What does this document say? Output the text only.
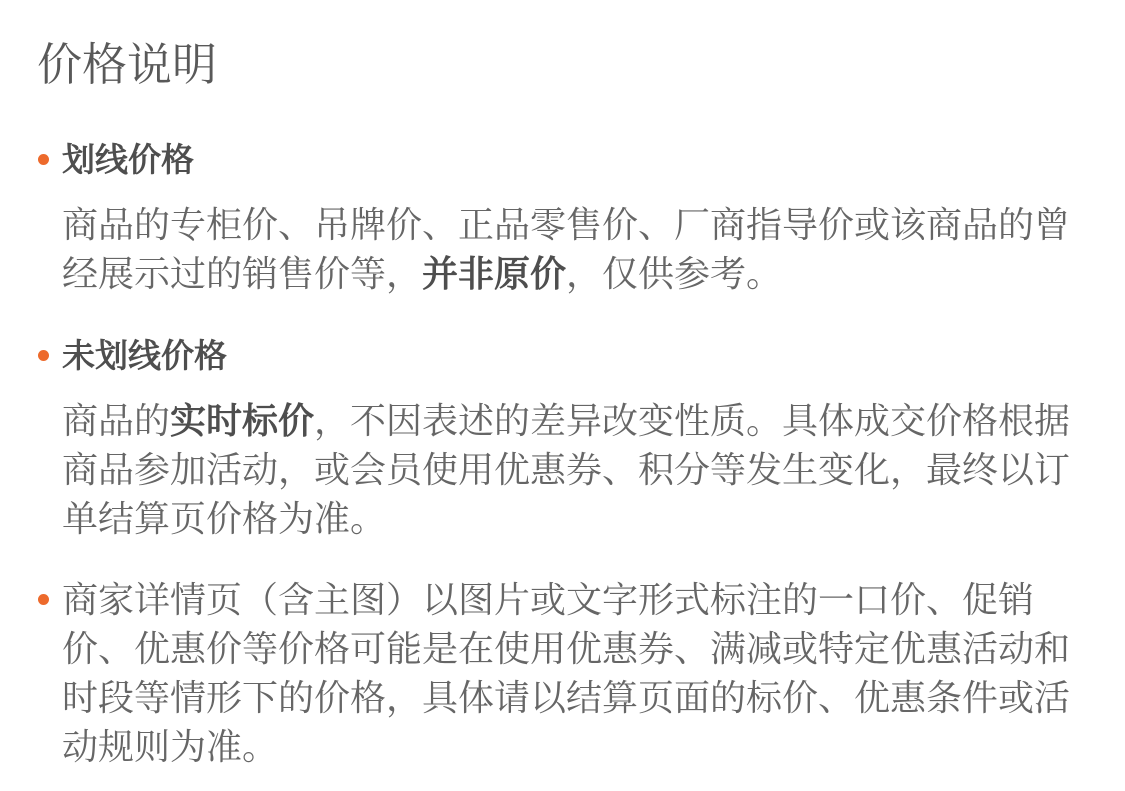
价格说明
划线价格

商品的专柜价、吊牌价、正品零售价、厂商指导价或该商品的曾经展示过的销售价等，并非原价，仅供参考。

未划线价格

商品的实时标价，不因表述的差异改变性质。具体成交价格根据商品参加活动，或会员使用优惠券、积分等发生变化，最终以订单结算页价格为准。

商家详情页（含主图）以图片或文字形式标注的一口价、促销价、优惠价等价格可能是在使用优惠券、满减或特定优惠活动和时段等情形下的价格，具体请以结算页面的标价、优惠条件或活动规则为准。
